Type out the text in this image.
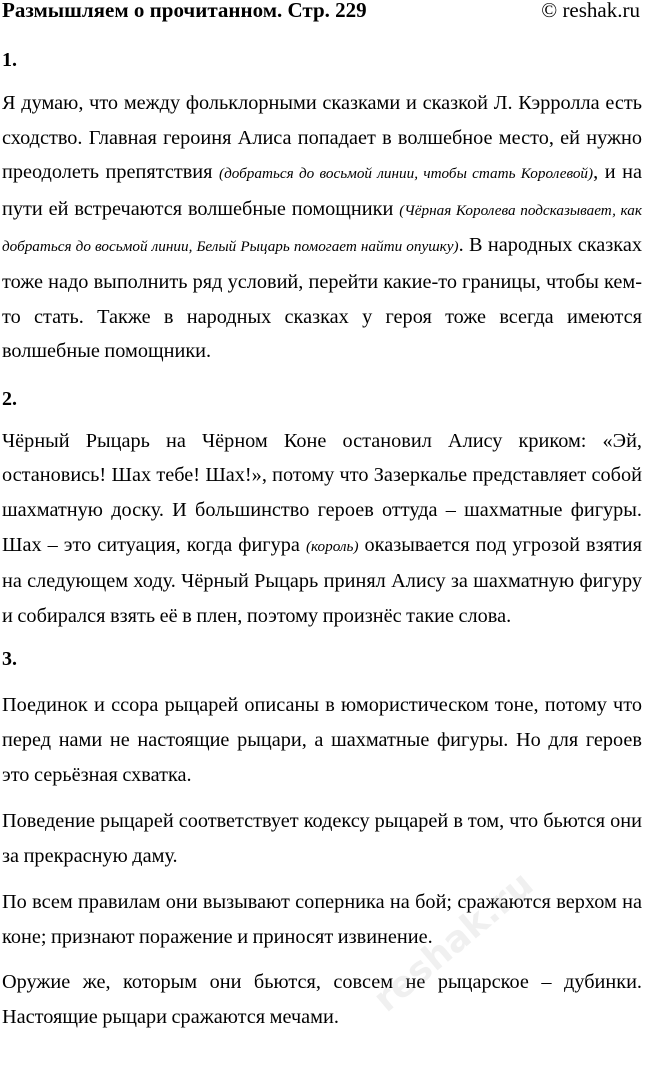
Размышляем о прочитанном. Стр. 229	© reshak.ru
1.

Я думаю, что между фольклорными сказками и сказкой Л. Кэрролла есть сходство. Главная героиня Алиса попадает в волшебное место, ей нужно преодолеть препятствия (добраться до восьмой линии, чтобы стать Королевой), и на пути ей встречаются волшебные помощники (Чёрная Королева подсказывает, как добраться до восьмой линии, Белый Рыцарь помогает найти опушку). В народных сказках тоже надо выполнить ряд условий, перейти какие-то границы, чтобы кем-то стать. Также в народных сказках у героя тоже всегда имеются волшебные помощники.

2.

Чёрный Рыцарь на Чёрном Коне остановил Алису криком: «Эй, остановись! Шах тебе! Шах!», потому что Зазеркалье представляет собой шахматную доску. И большинство героев оттуда – шахматные фигуры. Шах – это ситуация, когда фигура (король) оказывается под угрозой взятия на следующем ходу. Чёрный Рыцарь принял Алису за шахматную фигуру и собирался взять её в плен, поэтому произнёс такие слова.

3.

Поединок и ссора рыцарей описаны в юмористическом тоне, потому что перед нами не настоящие рыцари, а шахматные фигуры. Но для героев это серьёзная схватка.

Поведение рыцарей соответствует кодексу рыцарей в том, что бьются они за прекрасную даму.

По всем правилам они вызывают соперника на бой; сражаются верхом на коне; признают поражение и приносят извинение.

Оружие же, которым они бьются, совсем не рыцарское – дубинки. Настоящие рыцари сражаются мечами. reshak.ru
